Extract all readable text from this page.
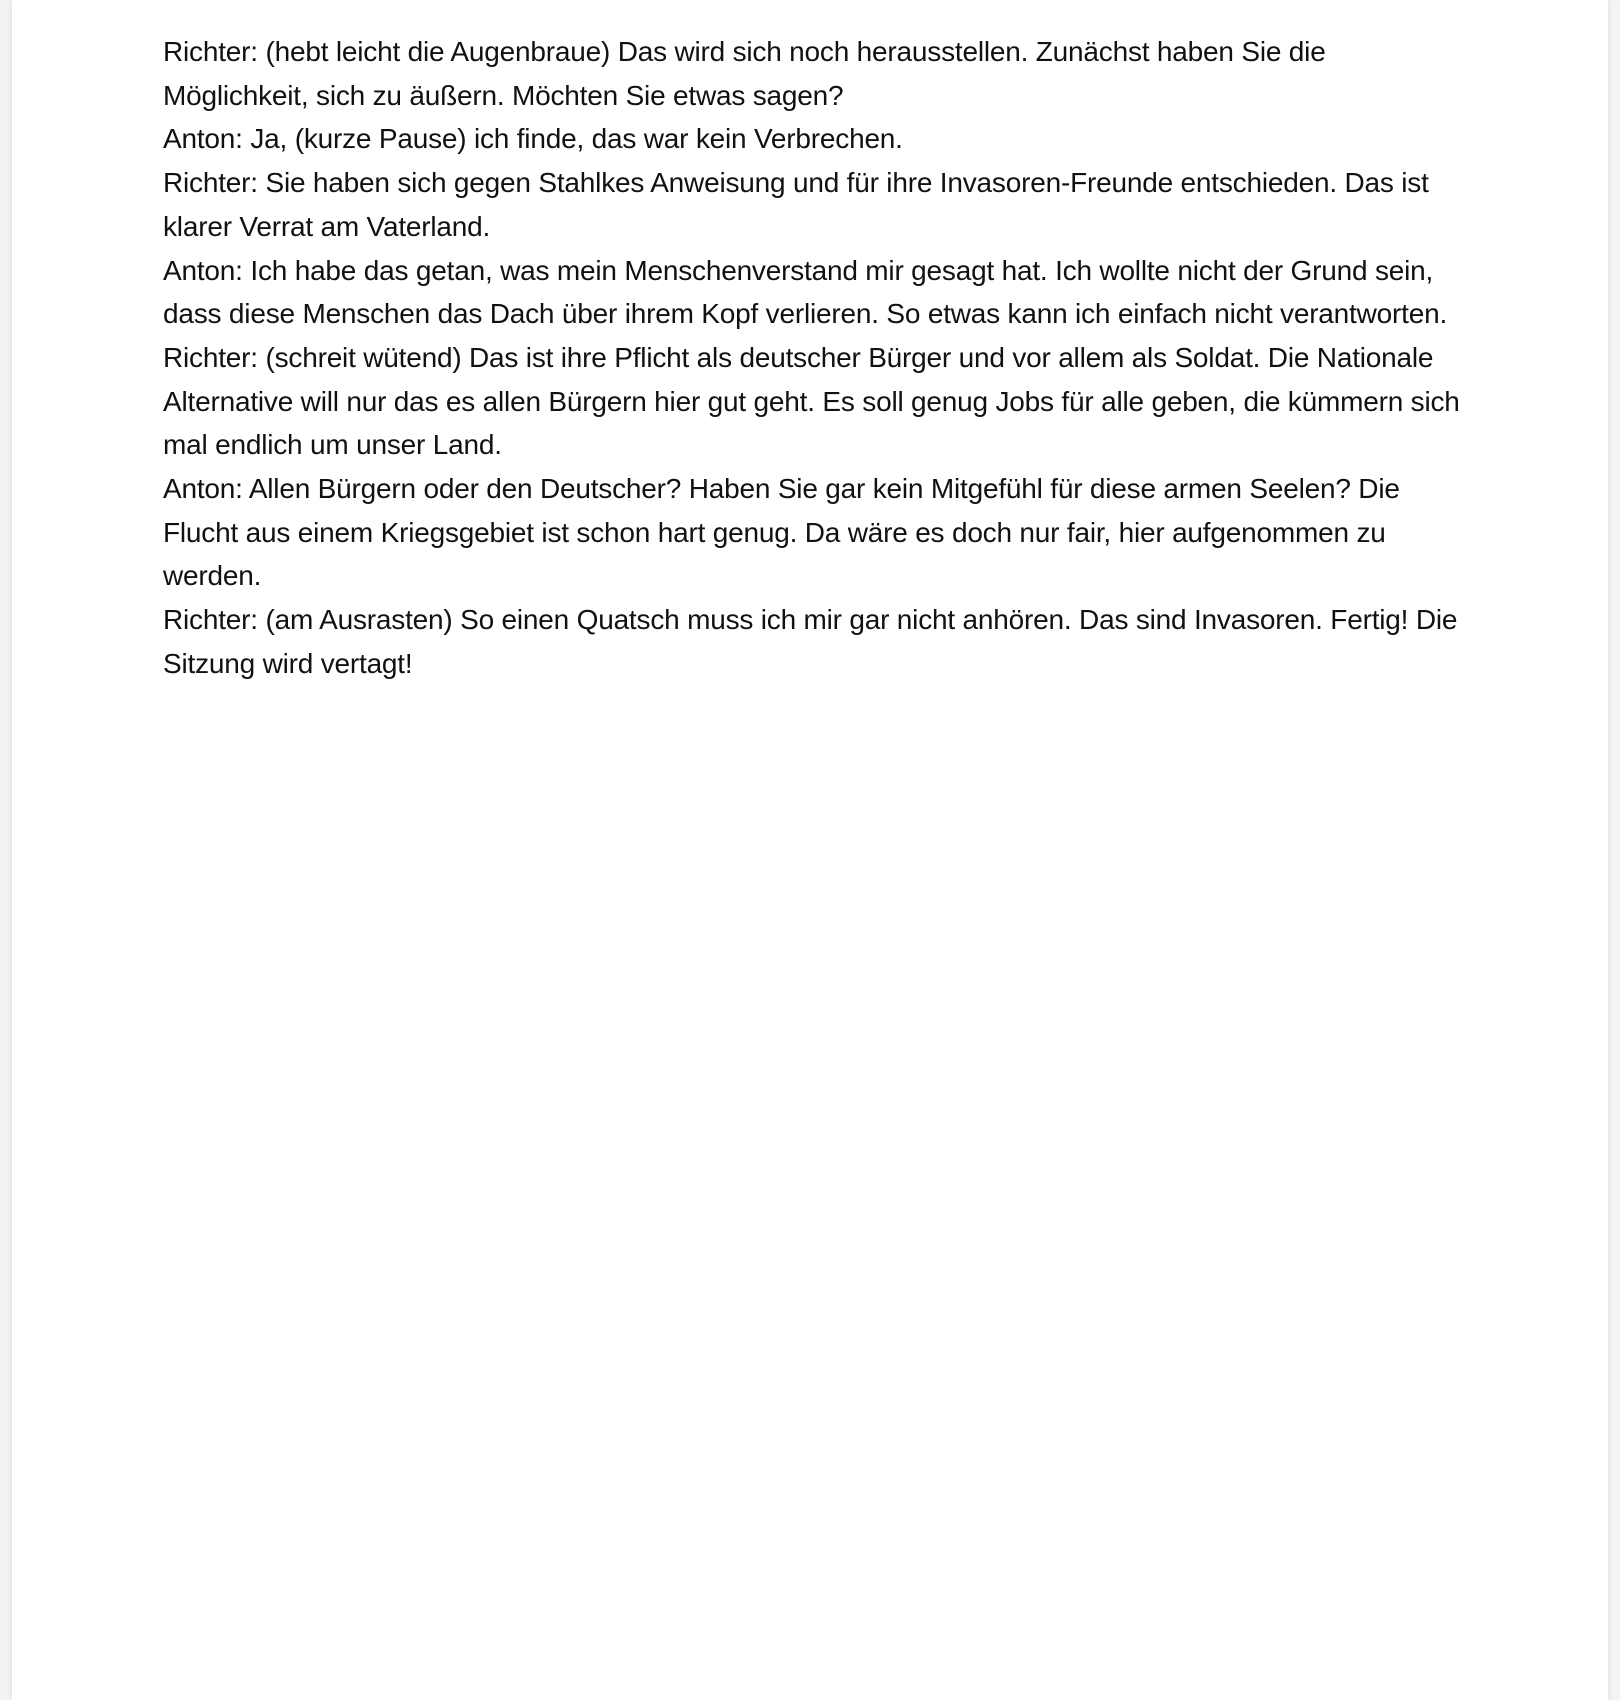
Richter: (hebt leicht die Augenbraue) Das wird sich noch herausstellen. Zunächst haben Sie die Möglichkeit, sich zu äußern. Möchten Sie etwas sagen?

Anton: Ja, (kurze Pause) ich finde, das war kein Verbrechen.

Richter: Sie haben sich gegen Stahlkes Anweisung und für ihre Invasoren-Freunde entschieden. Das ist klarer Verrat am Vaterland.

Anton: Ich habe das getan, was mein Menschenverstand mir gesagt hat. Ich wollte nicht der Grund sein, dass diese Menschen das Dach über ihrem Kopf verlieren. So etwas kann ich einfach nicht verantworten.

Richter: (schreit wütend) Das ist ihre Pflicht als deutscher Bürger und vor allem als Soldat. Die Nationale Alternative will nur das es allen Bürgern hier gut geht. Es soll genug Jobs für alle geben, die kümmern sich mal endlich um unser Land.

Anton: Allen Bürgern oder den Deutscher? Haben Sie gar kein Mitgefühl für diese armen Seelen? Die Flucht aus einem Kriegsgebiet ist schon hart genug. Da wäre es doch nur fair, hier aufgenommen zu werden.

Richter: (am Ausrasten) So einen Quatsch muss ich mir gar nicht anhören. Das sind Invasoren. Fertig! Die Sitzung wird vertagt!
